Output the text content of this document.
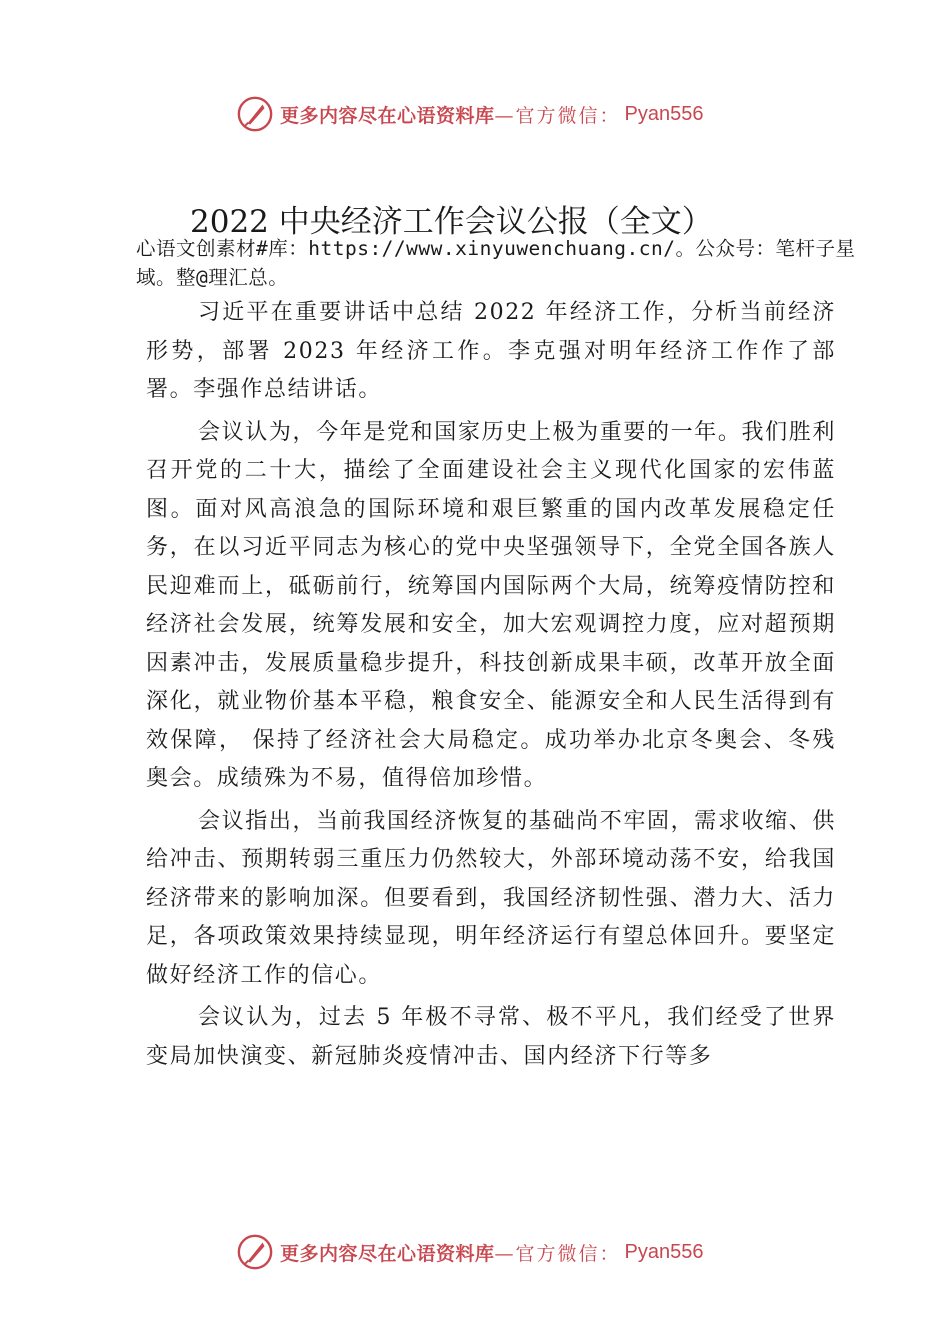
更多内容尽在心语资料库 —官方微信： Pyan556
2022 中央经济工作会议公报（全文）

心语文创素材#库：https://www.xinyuwenchuang.cn/。公众号：笔杆子星域。整@理汇总。

习近平在重要讲话中总结 2022 年经济工作，分析当前经济形势，部署 2023 年经济工作。李克强对明年经济工作作了部署。李强作总结讲话。

会议认为，今年是党和国家历史上极为重要的一年。我们胜利召开党的二十大，描绘了全面建设社会主义现代化国家的宏伟蓝图。面对风高浪急的国际环境和艰巨繁重的国内改革发展稳定任务，在以习近平同志为核心的党中央坚强领导下，全党全国各族人民迎难而上，砥砺前行，统筹国内国际两个大局，统筹疫情防控和经济社会发展，统筹发展和安全，加大宏观调控力度，应对超预期因素冲击，发展质量稳步提升，科技创新成果丰硕，改革开放全面深化，就业物价基本平稳，粮食安全、能源安全和人民生活得到有效保障， 保持了经济社会大局稳定。成功举办北京冬奥会、冬残奥会。成绩殊为不易，值得倍加珍惜。

会议指出，当前我国经济恢复的基础尚不牢固，需求收缩、供给冲击、预期转弱三重压力仍然较大，外部环境动荡不安，给我国经济带来的影响加深。但要看到，我国经济韧性强、潜力大、活力足，各项政策效果持续显现，明年经济运行有望总体回升。要坚定做好经济工作的信心。

会议认为，过去 5 年极不寻常、极不平凡，我们经受了世界变局加快演变、新冠肺炎疫情冲击、国内经济下行等多

更多内容尽在心语资料库 —官方微信： Pyan556
